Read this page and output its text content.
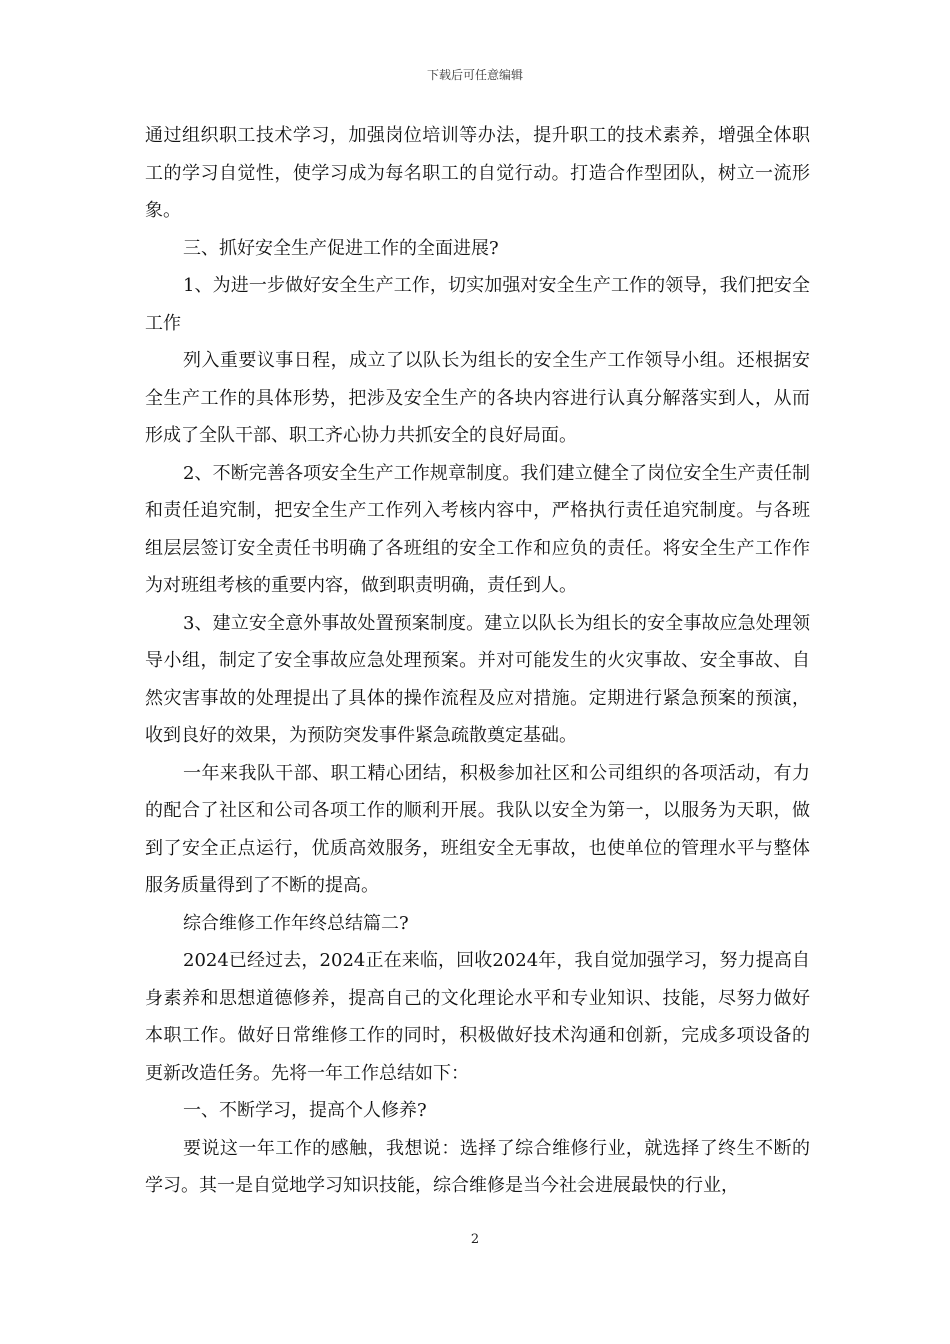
下载后可任意编辑

通过组织职工技术学习，加强岗位培训等办法，提升职工的技术素养，增强全体职工的学习自觉性，使学习成为每名职工的自觉行动。打造合作型团队，树立一流形象。

三、抓好安全生产促进工作的全面进展?

1、为进一步做好安全生产工作，切实加强对安全生产工作的领导，我们把安全工作

列入重要议事日程，成立了以队长为组长的安全生产工作领导小组。还根据安全生产工作的具体形势，把涉及安全生产的各块内容进行认真分解落实到人，从而形成了全队干部、职工齐心协力共抓安全的良好局面。

2、不断完善各项安全生产工作规章制度。我们建立健全了岗位安全生产责任制和责任追究制，把安全生产工作列入考核内容中，严格执行责任追究制度。与各班组层层签订安全责任书明确了各班组的安全工作和应负的责任。将安全生产工作作为对班组考核的重要内容，做到职责明确，责任到人。

3、建立安全意外事故处置预案制度。建立以队长为组长的安全事故应急处理领导小组，制定了安全事故应急处理预案。并对可能发生的火灾事故、安全事故、自然灾害事故的处理提出了具体的操作流程及应对措施。定期进行紧急预案的预演，收到良好的效果，为预防突发事件紧急疏散奠定基础。

一年来我队干部、职工精心团结，积极参加社区和公司组织的各项活动，有力的配合了社区和公司各项工作的顺利开展。我队以安全为第一，以服务为天职，做到了安全正点运行，优质高效服务，班组安全无事故，也使单位的管理水平与整体服务质量得到了不断的提高。

综合维修工作年终总结篇二?

2024已经过去，2024正在来临，回收2024年，我自觉加强学习，努力提高自身素养和思想道德修养，提高自己的文化理论水平和专业知识、技能，尽努力做好本职工作。做好日常维修工作的同时，积极做好技术沟通和创新，完成多项设备的更新改造任务。先将一年工作总结如下：

一、不断学习，提高个人修养?

要说这一年工作的感触，我想说：选择了综合维修行业，就选择了终生不断的学习。其一是自觉地学习知识技能，综合维修是当今社会进展最快的行业，

2
